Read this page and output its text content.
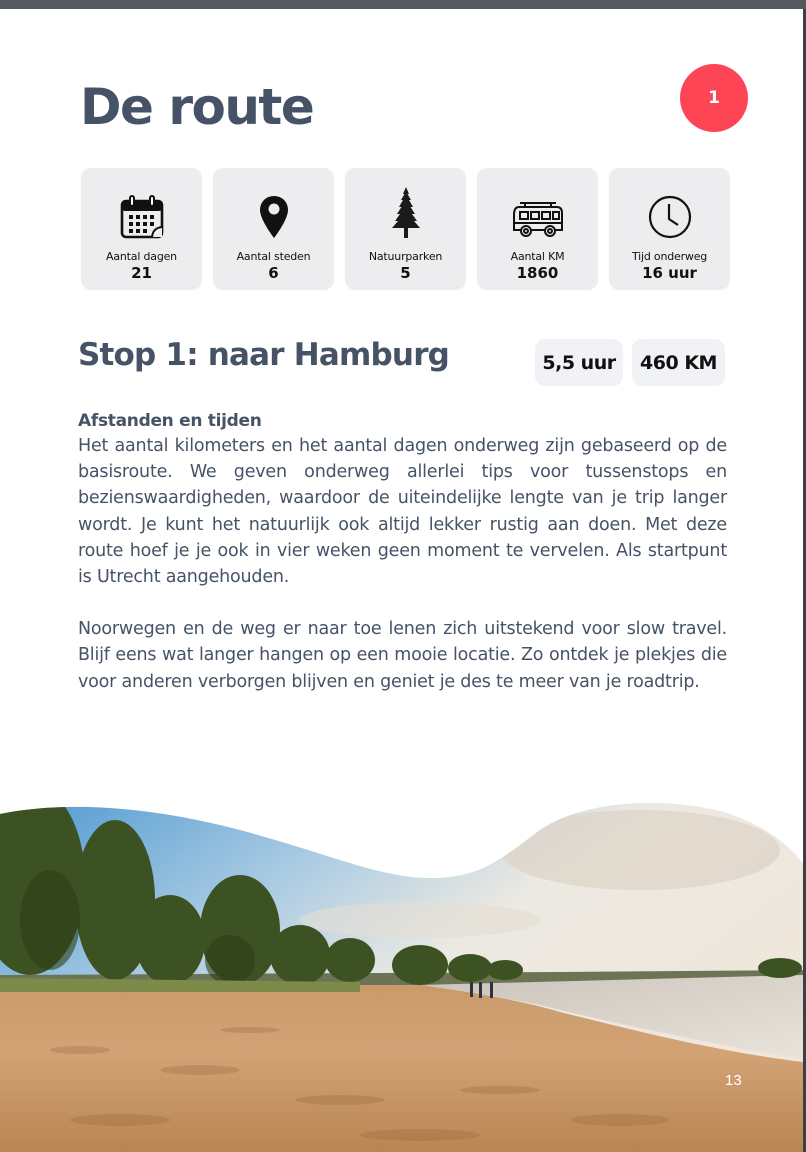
De route	1
Aantal dagen
21
Aantal steden
6
Natuurparken
5
Aantal KM
1860
Tijd onderweg
16 uur
Stop 1: naar Hamburg	5,5 uur	460 KM
Afstanden en tijden

Het aantal kilometers en het aantal dagen onderweg zijn gebaseerd op de basisroute. We geven onderweg allerlei tips voor tussenstops en bezienswaardigheden, waardoor de uiteindelijke lengte van je trip langer wordt. Je kunt het natuurlijk ook altijd lekker rustig aan doen. Met deze route hoef je je ook in vier weken geen moment te vervelen. Als startpunt is Utrecht aangehouden.

Noorwegen en de weg er naar toe lenen zich uitstekend voor slow travel. Blijf eens wat langer hangen op een mooie locatie. Zo ontdek je plekjes die voor anderen verborgen blijven en geniet je des te meer van je roadtrip.

13
